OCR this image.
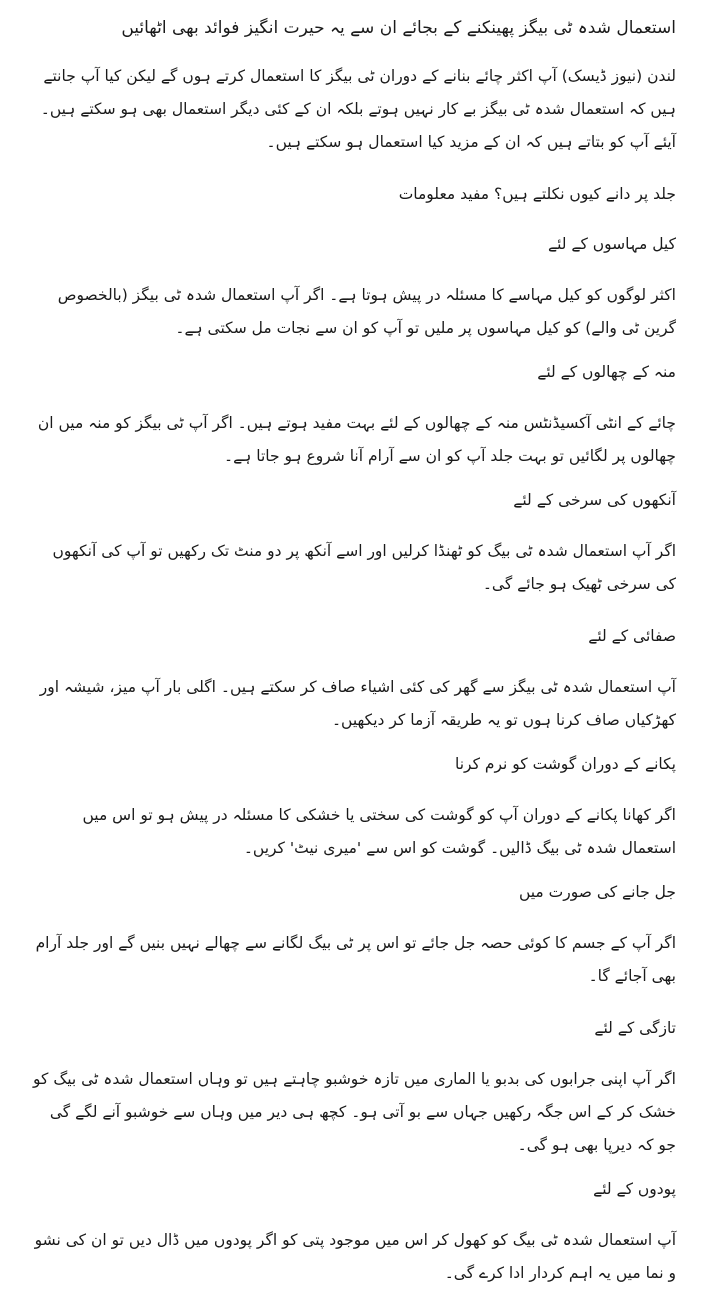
استعمال شدہ ٹی بیگز پھینکنے کے بجائے ان سے یہ حیرت انگیز فوائد بھی اٹھائیں

لندن (نیوز ڈیسک) آپ اکثر چائے بنانے کے دوران ٹی بیگز کا استعمال کرتے ہوں گے لیکن کیا آپ جانتے ہیں کہ استعمال شدہ ٹی بیگز بے کار نہیں ہوتے بلکہ ان کے کئی دیگر استعمال بھی ہو سکتے ہیں۔ آیئے آپ کو بتاتے ہیں کہ ان کے مزید کیا استعمال ہو سکتے ہیں۔

جلد پر دانے کیوں نکلتے ہیں؟ مفید معلومات

کیل مہاسوں کے لئے

اکثر لوگوں کو کیل مہاسے کا مسئلہ در پیش ہوتا ہے۔ اگر آپ استعمال شدہ ٹی بیگز (بالخصوص گرین ٹی والے) کو کیل مہاسوں پر ملیں تو آپ کو ان سے نجات مل سکتی ہے۔

منہ کے چھالوں کے لئے

چائے کے انٹی آکسیڈنٹس منہ کے چھالوں کے لئے بہت مفید ہوتے ہیں۔ اگر آپ ٹی بیگز کو منہ میں ان چھالوں پر لگائیں تو بہت جلد آپ کو ان سے آرام آنا شروع ہو جاتا ہے۔

آنکھوں کی سرخی کے لئے

اگر آپ استعمال شدہ ٹی بیگ کو ٹھنڈا کرلیں اور اسے آنکھ پر دو منٹ تک رکھیں تو آپ کی آنکھوں کی سرخی ٹھیک ہو جائے گی۔

صفائی کے لئے

آپ استعمال شدہ ٹی بیگز سے گھر کی کئی اشیاء صاف کر سکتے ہیں۔ اگلی بار آپ میز، شیشہ اور کھڑکیاں صاف کرنا ہوں تو یہ طریقہ آزما کر دیکھیں۔

پکانے کے دوران گوشت کو نرم کرنا

اگر کھانا پکانے کے دوران آپ کو گوشت کی سختی یا خشکی کا مسئلہ در پیش ہو تو اس میں استعمال شدہ ٹی بیگ ڈالیں۔ گوشت کو اس سے 'میری نیٹ' کریں۔

جل جانے کی صورت میں

اگر آپ کے جسم کا کوئی حصہ جل جائے تو اس پر ٹی بیگ لگانے سے چھالے نہیں بنیں گے اور جلد آرام بھی آجائے گا۔

تازگی کے لئے

اگر آپ اپنی جرابوں کی بدبو یا الماری میں تازہ خوشبو چاہتے ہیں تو وہاں استعمال شدہ ٹی بیگ کو خشک کر کے اس جگہ رکھیں جہاں سے بو آتی ہو۔ کچھ ہی دیر میں وہاں سے خوشبو آنے لگے گی جو کہ دیرپا بھی ہو گی۔

پودوں کے لئے

آپ استعمال شدہ ٹی بیگ کو کھول کر اس میں موجود پتی کو اگر پودوں میں ڈال دیں تو ان کی نشو و نما میں یہ اہم کردار ادا کرے گی۔
